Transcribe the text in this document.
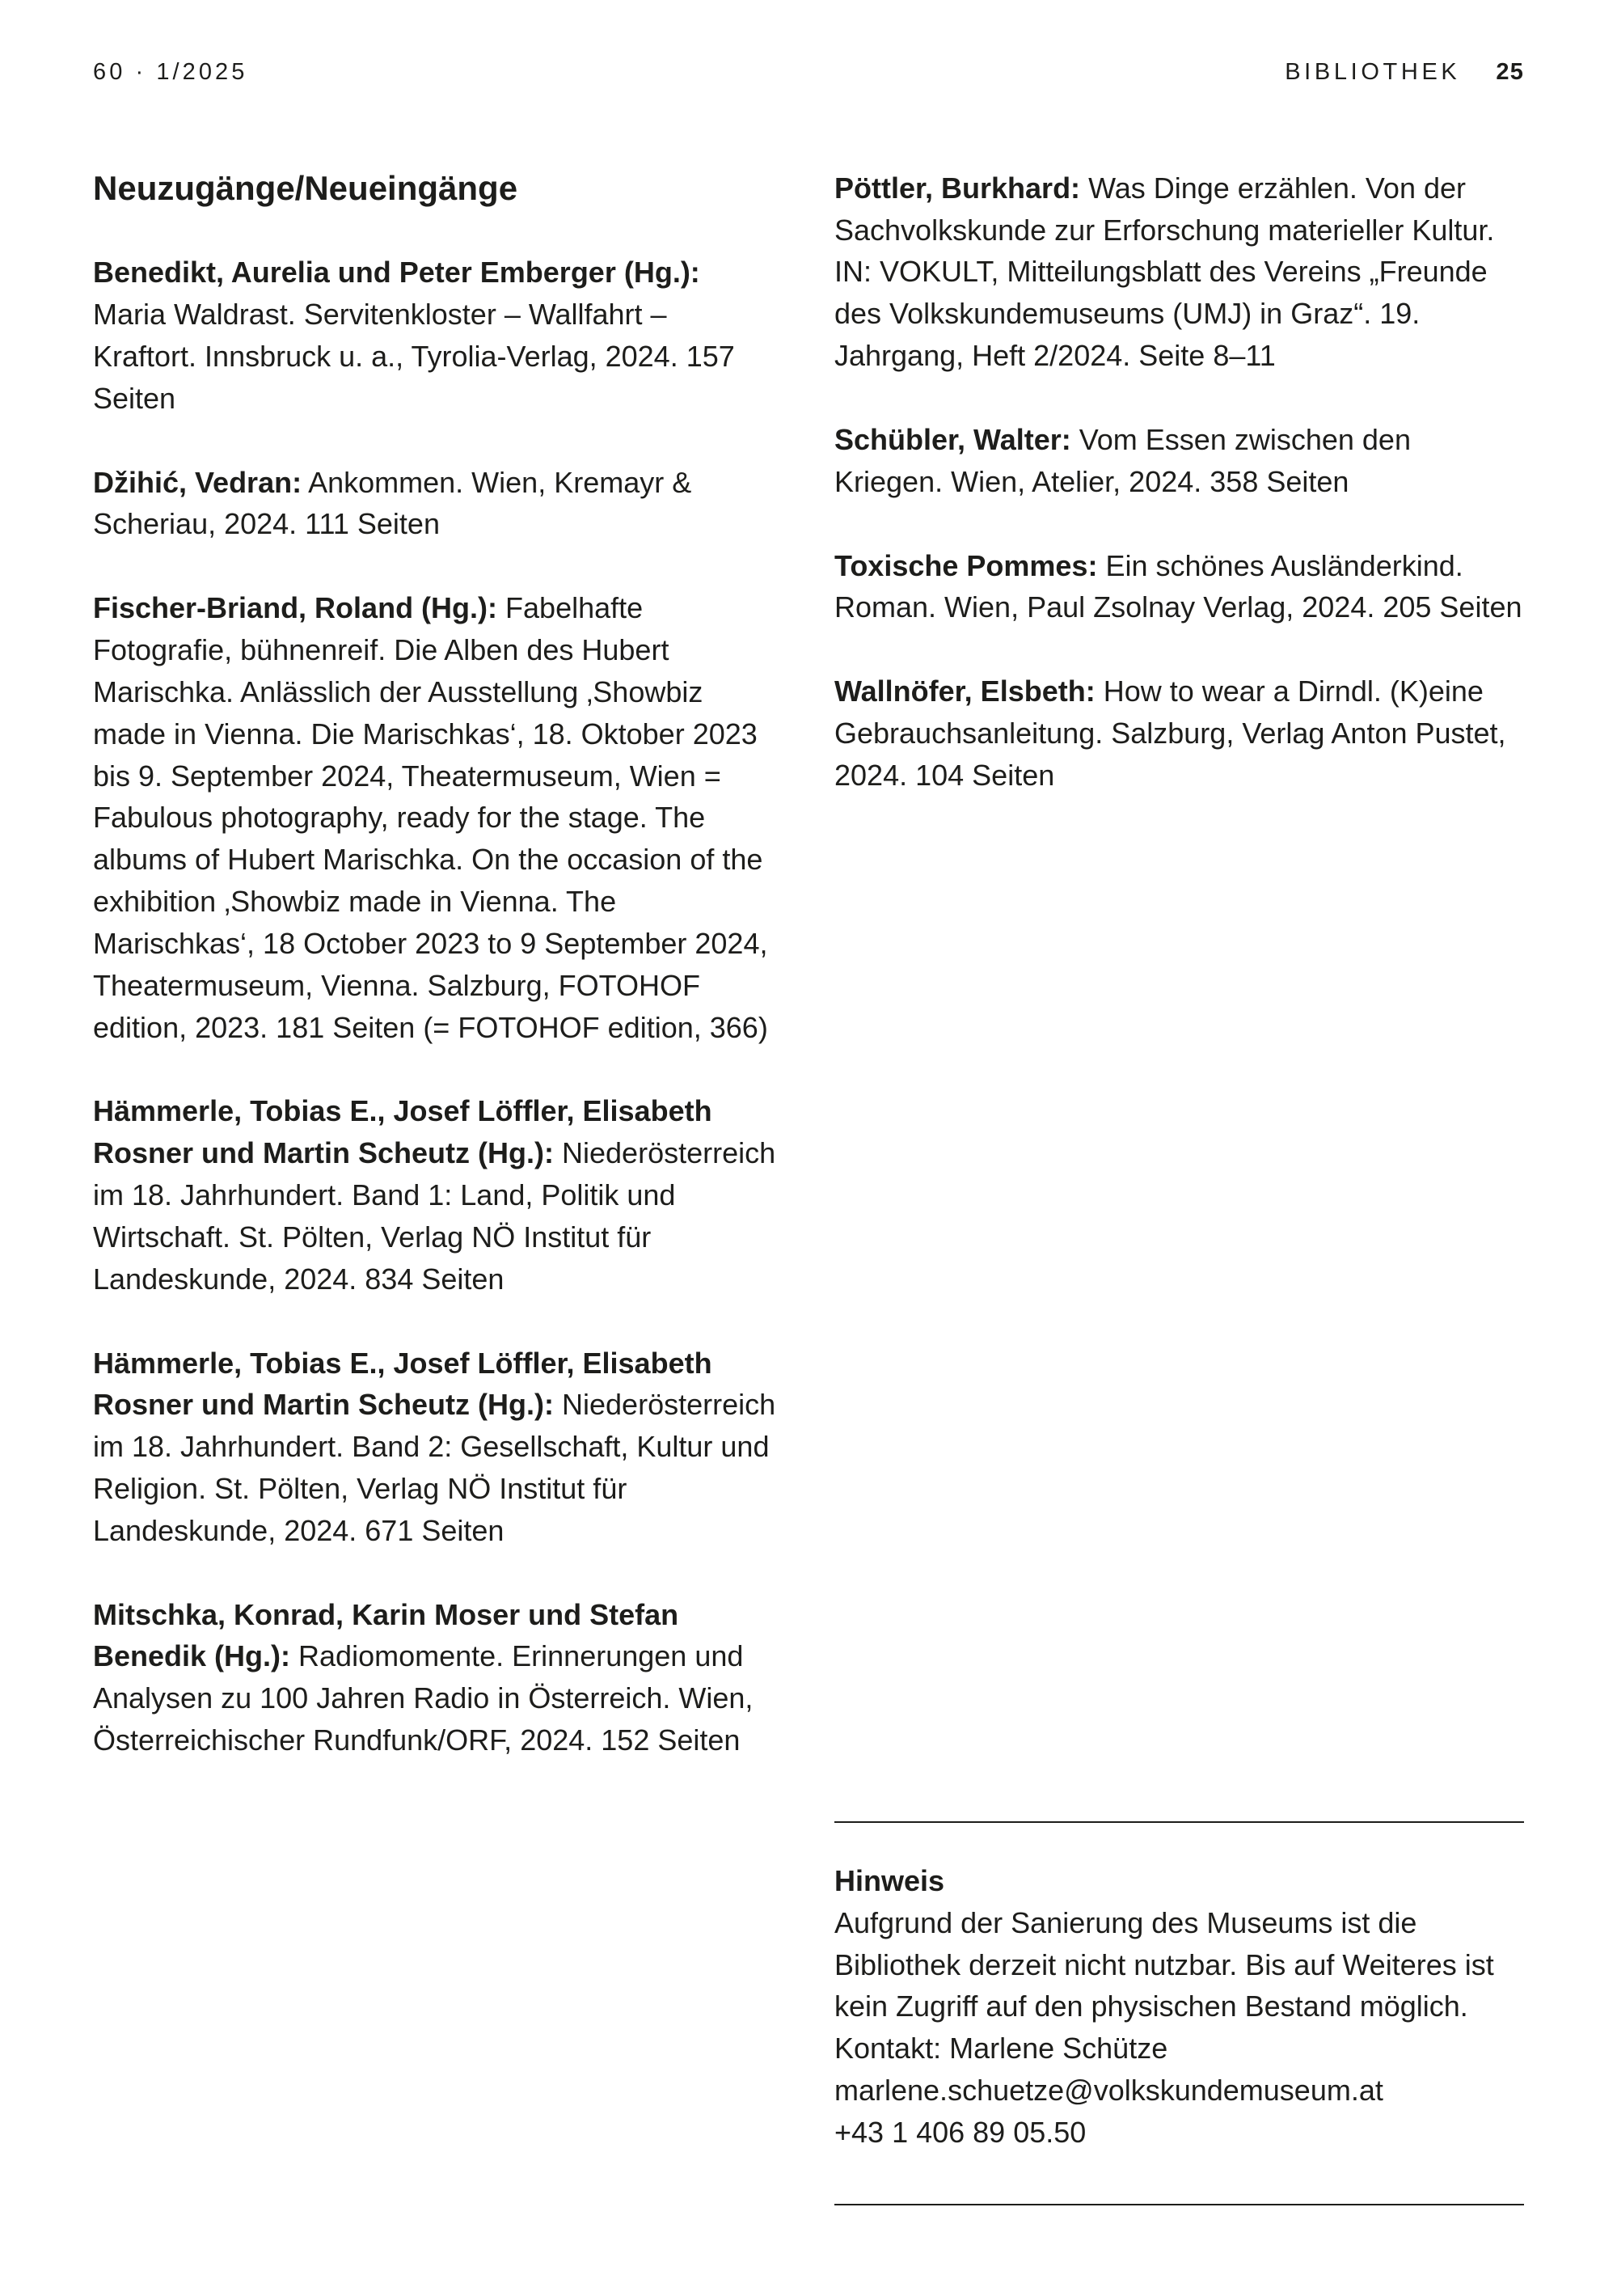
60 · 1/2025	BIBLIOTHEK 25
Neuzugänge/Neueingänge

Benedikt, Aurelia und Peter Emberger (Hg.): Maria Waldrast. Servitenkloster – Wallfahrt – Kraftort. Innsbruck u. a., Tyrolia-Verlag, 2024. 157 Seiten

Džihić, Vedran: Ankommen. Wien, Kremayr & Scheriau, 2024. 111 Seiten

Fischer-Briand, Roland (Hg.): Fabelhafte Fotografie, bühnenreif. Die Alben des Hubert Marischka. Anlässlich der Ausstellung ‚Showbiz made in Vienna. Die Marischkas‘, 18. Oktober 2023 bis 9. September 2024, Theatermuseum, Wien = Fabulous photography, ready for the stage. The albums of Hubert Marischka. On the occasion of the exhibition ‚Showbiz made in Vienna. The Marischkas‘, 18 October 2023 to 9 September 2024, Theatermuseum, Vienna. Salzburg, FOTOHOF edition, 2023. 181 Seiten (= FOTOHOF edition, 366)

Hämmerle, Tobias E., Josef Löffler, Elisabeth Rosner und Martin Scheutz (Hg.): Niederösterreich im 18. Jahrhundert. Band 1: Land, Politik und Wirtschaft. St. Pölten, Verlag NÖ Institut für Landeskunde, 2024. 834 Seiten

Hämmerle, Tobias E., Josef Löffler, Elisabeth Rosner und Martin Scheutz (Hg.): Niederösterreich im 18. Jahrhundert. Band 2: Gesellschaft, Kultur und Religion. St. Pölten, Verlag NÖ Institut für Landeskunde, 2024. 671 Seiten

Mitschka, Konrad, Karin Moser und Stefan Benedik (Hg.): Radiomomente. Erinnerungen und Analysen zu 100 Jahren Radio in Österreich. Wien, Österreichischer Rundfunk/ORF, 2024. 152 Seiten

Pöttler, Burkhard: Was Dinge erzählen. Von der Sachvolkskunde zur Erforschung materieller Kultur. IN: VOKULT, Mitteilungsblatt des Vereins „Freunde des Volkskundemuseums (UMJ) in Graz“. 19. Jahrgang, Heft 2/2024. Seite 8–11

Schübler, Walter: Vom Essen zwischen den Kriegen. Wien, Atelier, 2024. 358 Seiten

Toxische Pommes: Ein schönes Ausländerkind. Roman. Wien, Paul Zsolnay Verlag, 2024. 205 Seiten

Wallnöfer, Elsbeth: How to wear a Dirndl. (K)eine Gebrauchsanleitung. Salzburg, Verlag Anton Pustet, 2024. 104 Seiten

Hinweis

Aufgrund der Sanierung des Museums ist die Bibliothek derzeit nicht nutzbar. Bis auf Weiteres ist kein Zugriff auf den physischen Bestand möglich.

Kontakt: Marlene Schütze

marlene.schuetze@volkskundemuseum.at

+43 1 406 89 05.50
